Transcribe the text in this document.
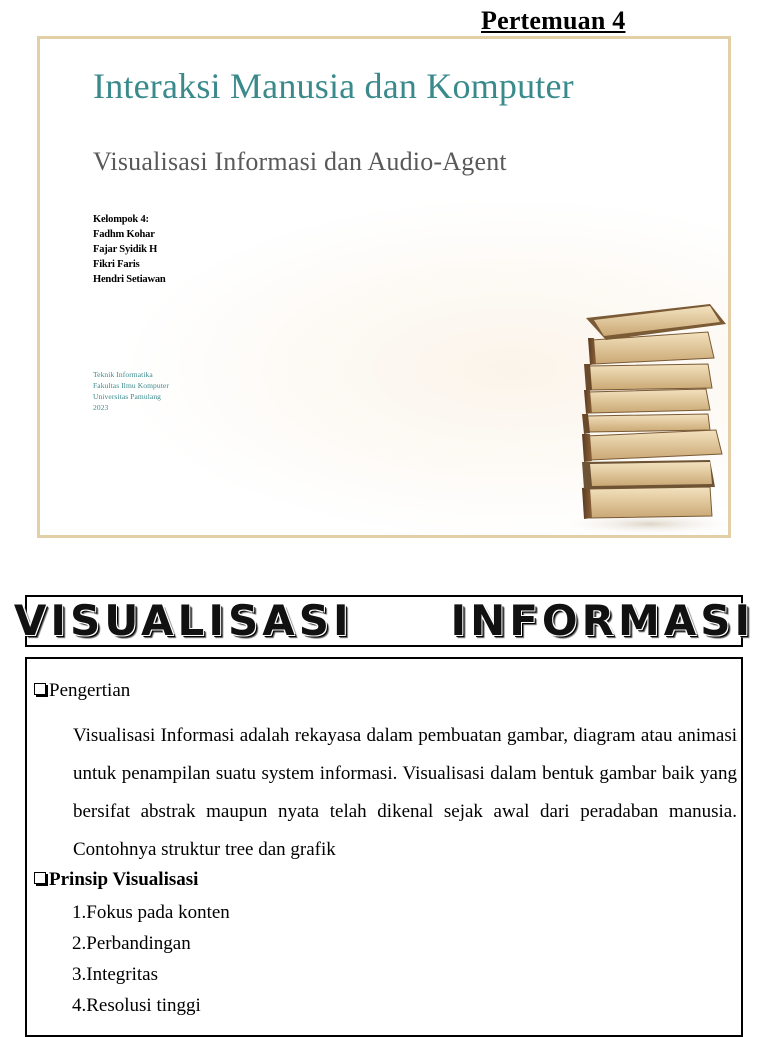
Pertemuan 4
Interaksi Manusia dan Komputer
Visualisasi Informasi dan Audio-Agent
Kelompok 4:
Fadhm Kohar
Fajar Syidik H
Fikri Faris
Hendri Setiawan
Teknik Informatika
Fakultas Ilmu Komputer
Universitas Pamulang
2023
VISUALISASI   INFORMASI
Pengertian

Visualisasi Informasi adalah rekayasa dalam pembuatan gambar, diagram atau animasi untuk penampilan suatu system informasi. Visualisasi dalam bentuk gambar baik yang bersifat abstrak maupun nyata telah dikenal sejak awal dari peradaban manusia. Contohnya struktur tree dan grafik

Prinsip Visualisasi
1.Fokus pada konten
2.Perbandingan
3.Integritas
4.Resolusi tinggi
